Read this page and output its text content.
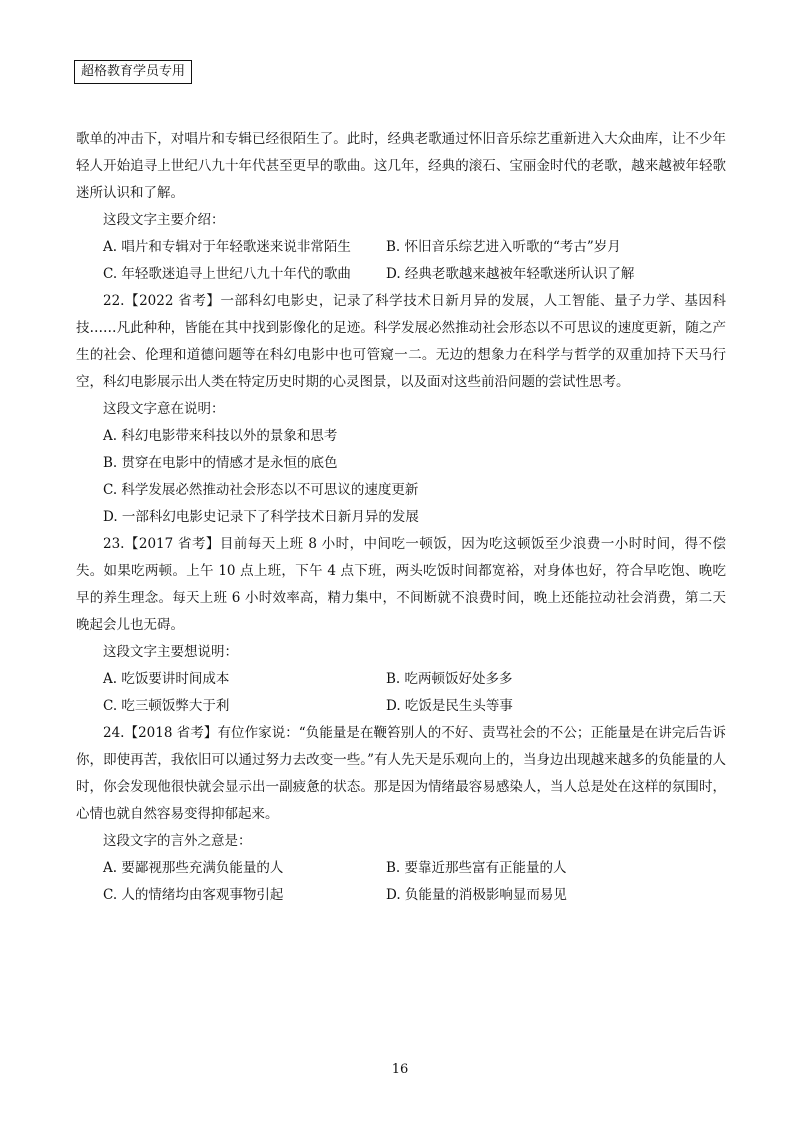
超格教育学员专用

歌单的冲击下，对唱片和专辑已经很陌生了。此时，经典老歌通过怀旧音乐综艺重新进入大众曲库，让不少年轻人开始追寻上世纪八九十年代甚至更早的歌曲。这几年，经典的滚石、宝丽金时代的老歌，越来越被年轻歌迷所认识和了解。

这段文字主要介绍：

A. 唱片和专辑对于年轻歌迷来说非常陌生	B. 怀旧音乐综艺进入听歌的“考古”岁月
C. 年轻歌迷追寻上世纪八九十年代的歌曲	D. 经典老歌越来越被年轻歌迷所认识了解

22.【2022 省考】一部科幻电影史，记录了科学技术日新月异的发展，人工智能、量子力学、基因科技……凡此种种，皆能在其中找到影像化的足迹。科学发展必然推动社会形态以不可思议的速度更新，随之产生的社会、伦理和道德问题等在科幻电影中也可管窥一二。无边的想象力在科学与哲学的双重加持下天马行空，科幻电影展示出人类在特定历史时期的心灵图景，以及面对这些前沿问题的尝试性思考。

这段文字意在说明：

A. 科幻电影带来科技以外的景象和思考

B. 贯穿在电影中的情感才是永恒的底色

C. 科学发展必然推动社会形态以不可思议的速度更新

D. 一部科幻电影史记录下了科学技术日新月异的发展

23.【2017 省考】目前每天上班 8 小时，中间吃一顿饭，因为吃这顿饭至少浪费一小时时间，得不偿失。如果吃两顿。上午 10 点上班，下午 4 点下班，两头吃饭时间都宽裕，对身体也好，符合早吃饱、晚吃早的养生理念。每天上班 6 小时效率高，精力集中，不间断就不浪费时间，晚上还能拉动社会消费，第二天晚起会儿也无碍。

这段文字主要想说明：

A. 吃饭要讲时间成本	B. 吃两顿饭好处多多
C. 吃三顿饭弊大于利	D. 吃饭是民生头等事

24.【2018 省考】有位作家说：“负能量是在鞭笞别人的不好、责骂社会的不公；正能量是在讲完后告诉你，即使再苦，我依旧可以通过努力去改变一些。”有人先天是乐观向上的，当身边出现越来越多的负能量的人时，你会发现他很快就会显示出一副疲惫的状态。那是因为情绪最容易感染人，当人总是处在这样的氛围时，心情也就自然容易变得抑郁起来。

这段文字的言外之意是：

A. 要鄙视那些充满负能量的人	B. 要靠近那些富有正能量的人
C. 人的情绪均由客观事物引起	D. 负能量的消极影响显而易见
16
